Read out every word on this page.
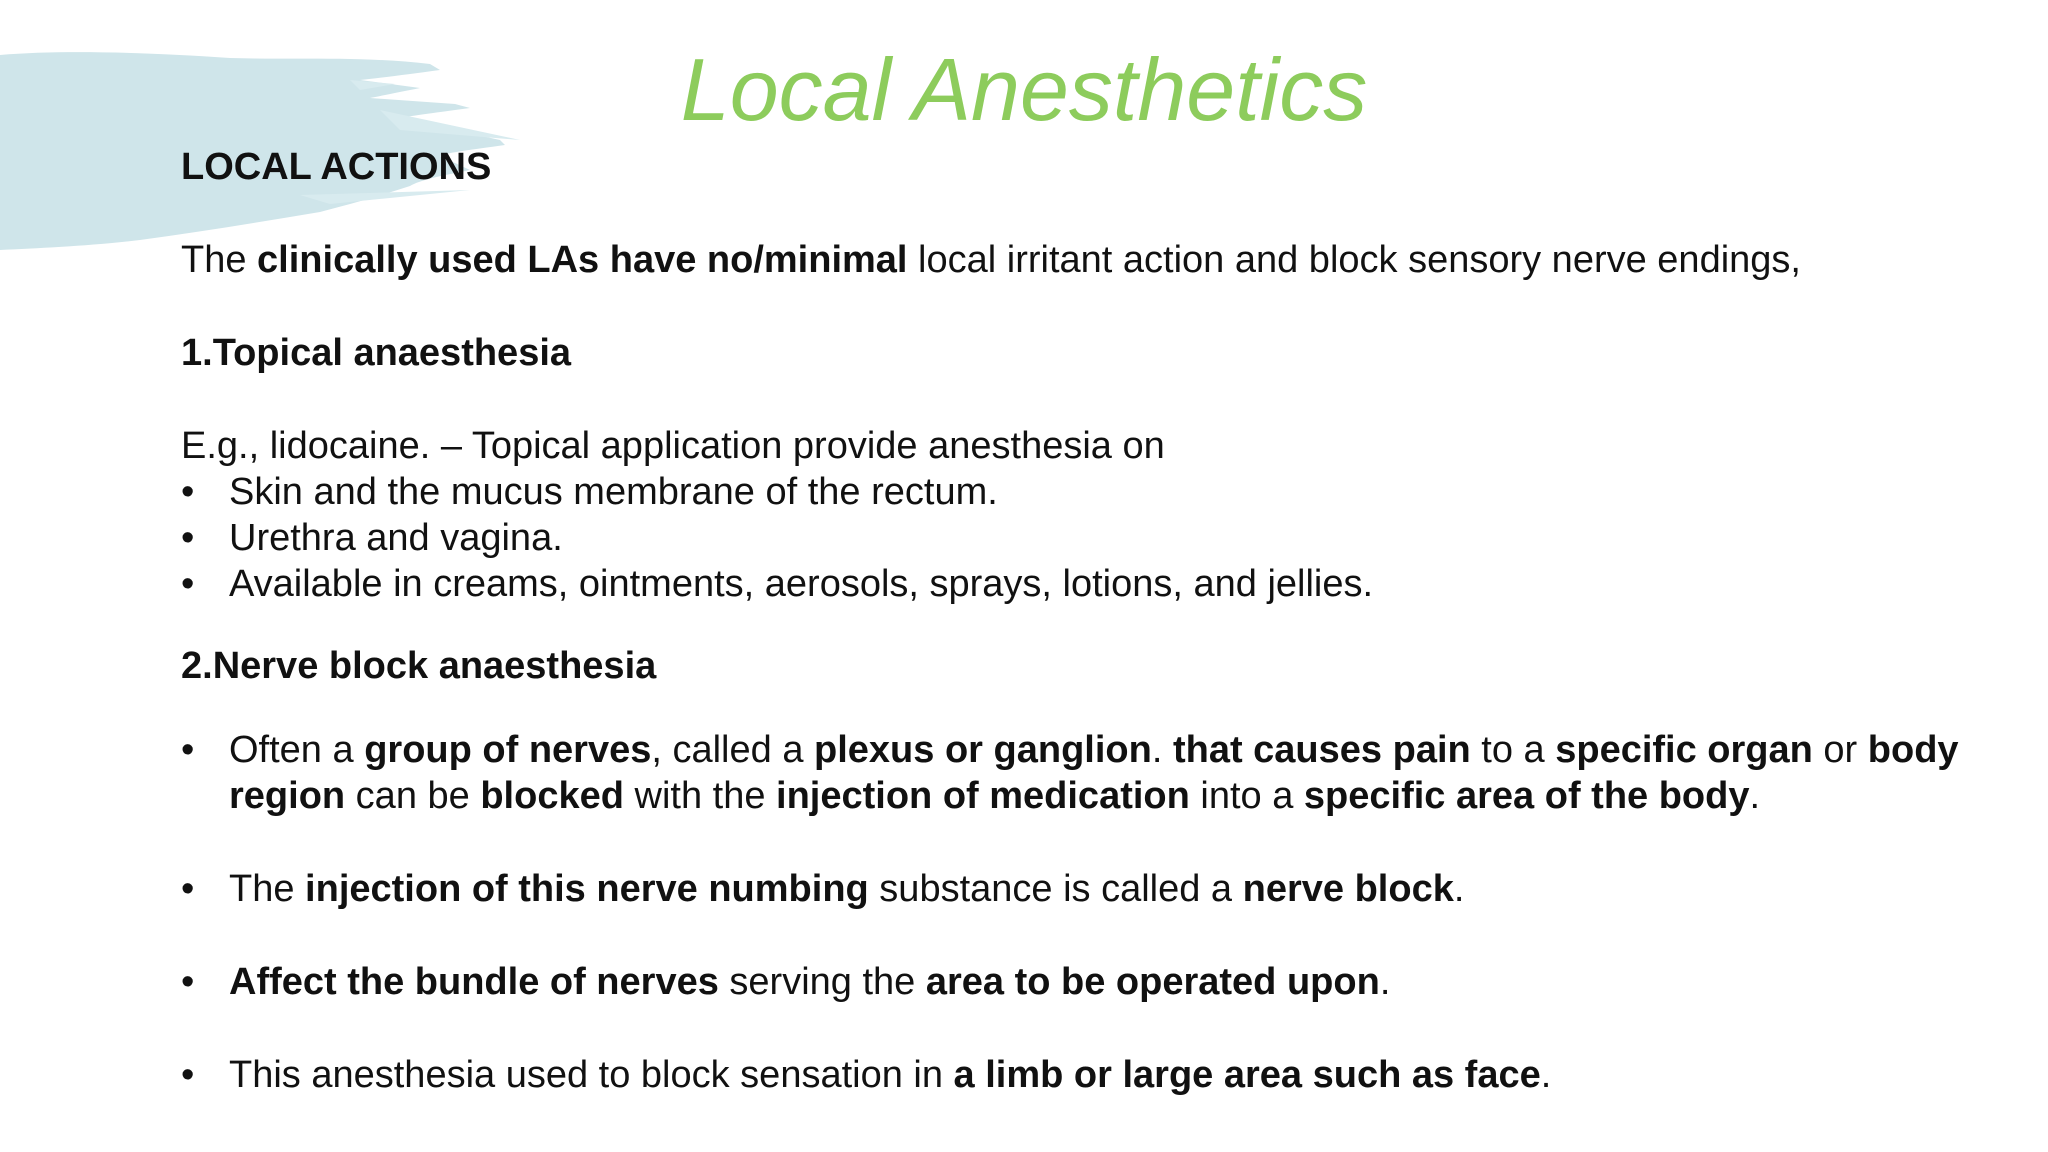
Local Anesthetics
LOCAL ACTIONS

The clinically used LAs have no/minimal local irritant action and block sensory nerve endings,

1.Topical anaesthesia

E.g., lidocaine. – Topical application provide anesthesia on

• Skin and the mucus membrane of the rectum.
• Urethra and vagina.
• Available in creams, ointments, aerosols, sprays, lotions, and jellies.
2.Nerve block anaesthesia
• Often a group of nerves, called a plexus or ganglion. that causes pain to a specific organ or body region can be blocked with the injection of medication into a specific area of the body.
• The injection of this nerve numbing substance is called a nerve block.
• Affect the bundle of nerves serving the area to be operated upon.
• This anesthesia used to block sensation in a limb or large area such as face.
